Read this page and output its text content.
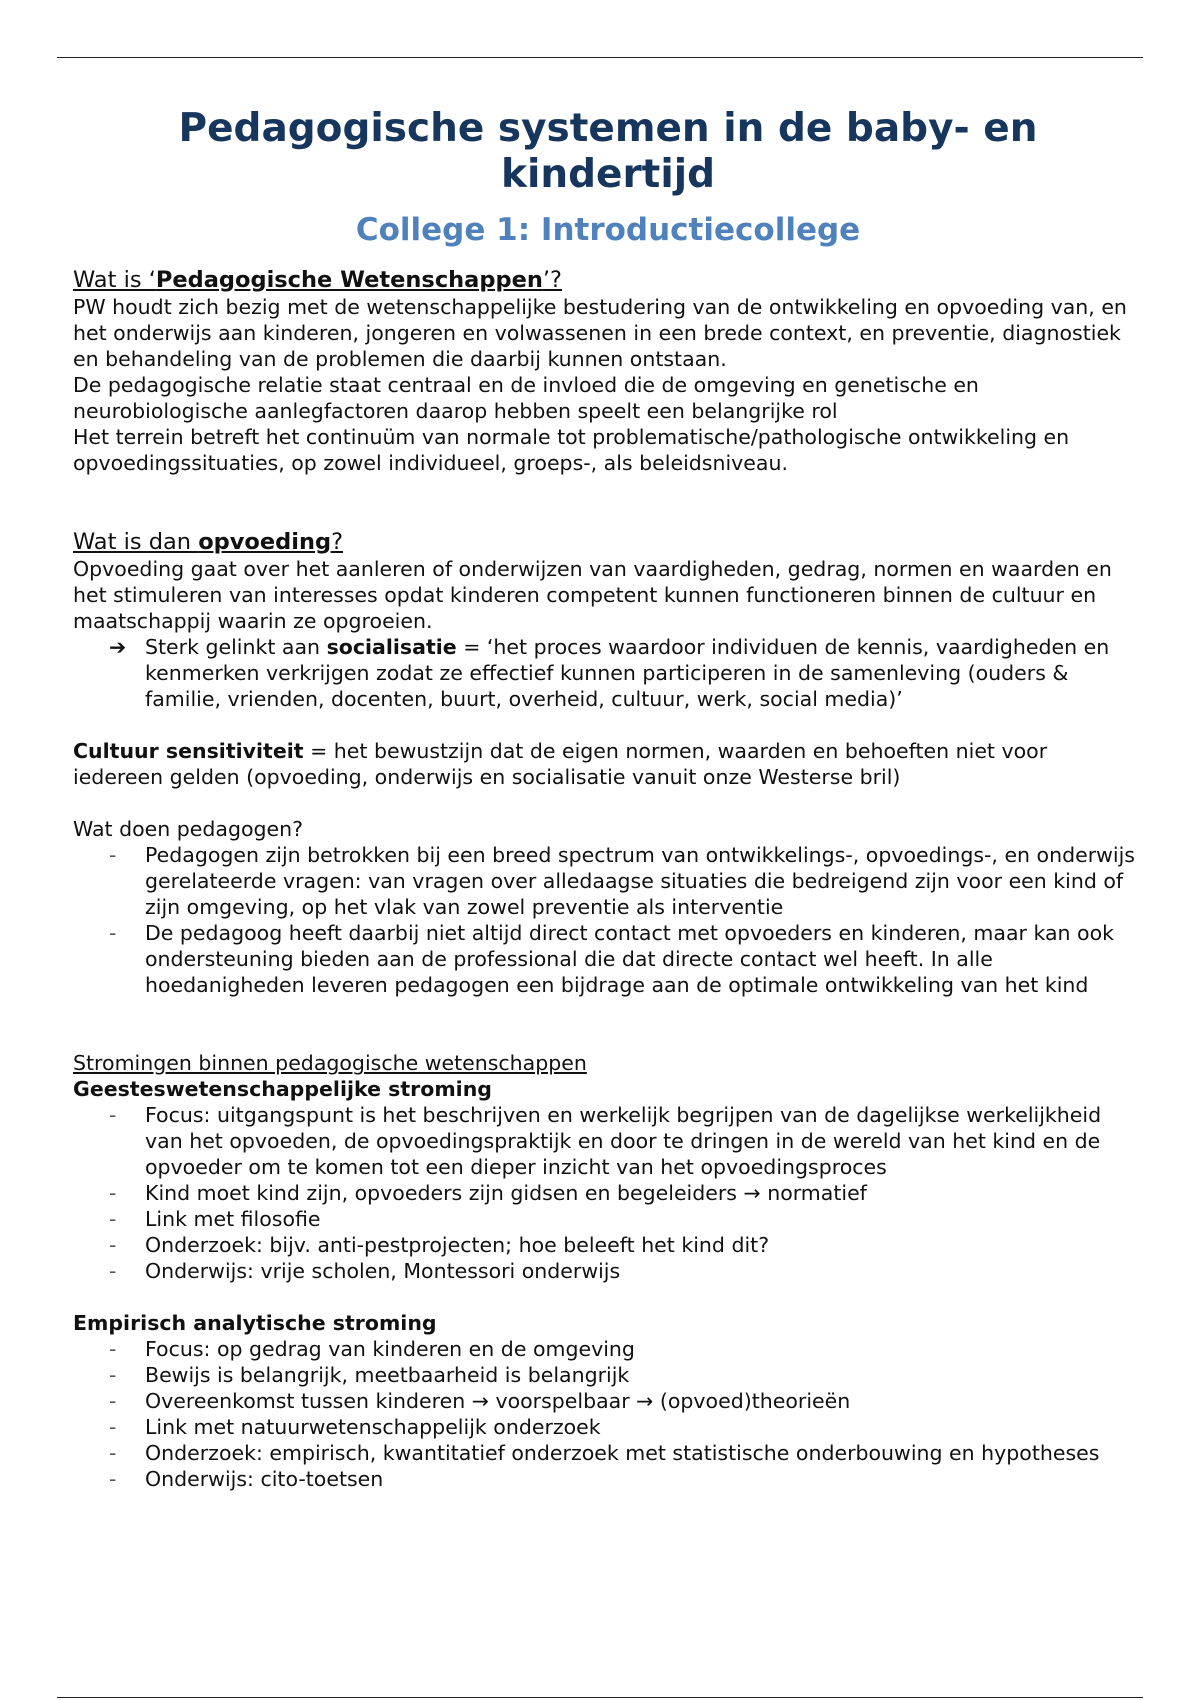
Pedagogische systemen in de baby- en kindertijd
College 1: Introductiecollege

Wat is ‘Pedagogische Wetenschappen’?

PW houdt zich bezig met de wetenschappelijke bestudering van de ontwikkeling en opvoeding van, en het onderwijs aan kinderen, jongeren en volwassenen in een brede context, en preventie, diagnostiek en behandeling van de problemen die daarbij kunnen ontstaan.

De pedagogische relatie staat centraal en de invloed die de omgeving en genetische en neurobiologische aanlegfactoren daarop hebben speelt een belangrijke rol

Het terrein betreft het continuüm van normale tot problematische/pathologische ontwikkeling en opvoedingssituaties, op zowel individueel, groeps-, als beleidsniveau.

Wat is dan opvoeding?

Opvoeding gaat over het aanleren of onderwijzen van vaardigheden, gedrag, normen en waarden en het stimuleren van interesses opdat kinderen competent kunnen functioneren binnen de cultuur en maatschappij waarin ze opgroeien.

➔ Sterk gelinkt aan socialisatie = ‘het proces waardoor individuen de kennis, vaardigheden en kenmerken verkrijgen zodat ze effectief kunnen participeren in de samenleving (ouders & familie, vrienden, docenten, buurt, overheid, cultuur, werk, social media)’

Cultuur sensitiviteit = het bewustzijn dat de eigen normen, waarden en behoeften niet voor iedereen gelden (opvoeding, onderwijs en socialisatie vanuit onze Westerse bril)

Wat doen pedagogen?

- Pedagogen zijn betrokken bij een breed spectrum van ontwikkelings-, opvoedings-, en onderwijs gerelateerde vragen: van vragen over alledaagse situaties die bedreigend zijn voor een kind of zijn omgeving, op het vlak van zowel preventie als interventie
- De pedagoog heeft daarbij niet altijd direct contact met opvoeders en kinderen, maar kan ook ondersteuning bieden aan de professional die dat directe contact wel heeft. In alle hoedanigheden leveren pedagogen een bijdrage aan de optimale ontwikkeling van het kind

Stromingen binnen pedagogische wetenschappen

Geesteswetenschappelijke stroming

- Focus: uitgangspunt is het beschrijven en werkelijk begrijpen van de dagelijkse werkelijkheid van het opvoeden, de opvoedingspraktijk en door te dringen in de wereld van het kind en de opvoeder om te komen tot een dieper inzicht van het opvoedingsproces
- Kind moet kind zijn, opvoeders zijn gidsen en begeleiders → normatief
- Link met filosofie
- Onderzoek: bijv. anti-pestprojecten; hoe beleeft het kind dit?
- Onderwijs: vrije scholen, Montessori onderwijs

Empirisch analytische stroming

- Focus: op gedrag van kinderen en de omgeving
- Bewijs is belangrijk, meetbaarheid is belangrijk
- Overeenkomst tussen kinderen → voorspelbaar → (opvoed)theorieën
- Link met natuurwetenschappelijk onderzoek
- Onderzoek: empirisch, kwantitatief onderzoek met statistische onderbouwing en hypotheses
- Onderwijs: cito-toetsen
